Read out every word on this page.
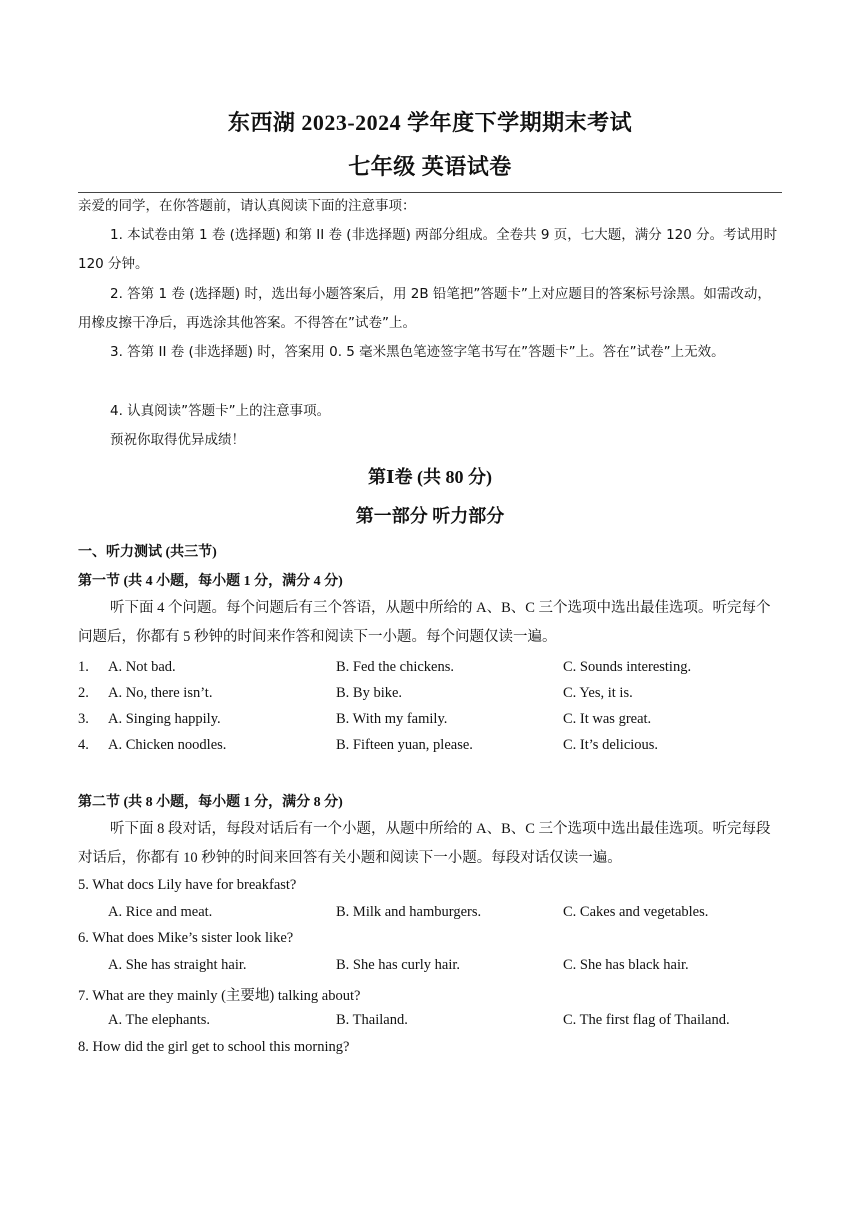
东西湖 2023-2024 学年度下学期期末考试
七年级 英语试卷
亲爱的同学，在你答题前，请认真阅读下面的注意事项：
1. 本试卷由第 1 卷 (选择题) 和第 II 卷 (非选择题) 两部分组成。全卷共 9 页，七大题，满分 120 分。考试用时 120 分钟。
2. 答第 1 卷 (选择题) 时，选出每小题答案后，用 2B 铅笔把”答题卡”上对应题目的答案标号涂黑。如需改动，用橡皮擦干净后，再选涂其他答案。不得答在”试卷”上。
3. 答第 II 卷 (非选择题) 时，答案用 0. 5 毫米黑色笔迹签字笔书写在”答题卡”上。答在”试卷”上无效。
4. 认真阅读”答题卡”上的注意事项。
预祝你取得优异成绩！
第Ⅰ卷 (共 80 分)
第一部分 听力部分
一、听力测试 (共三节)
第一节 (共 4 小题，每小题 1 分，满分 4 分)
听下面 4 个问题。每个问题后有三个答语，从题中所给的 A、B、C 三个选项中选出最佳选项。听完每个问题后，你都有 5 秒钟的时间来作答和阅读下一小题。每个问题仅读一遍。
1. A. Not bad.	B. Fed the chickens.	C. Sounds interesting.
2. A. No, there isn’t.	B. By bike.	C. Yes, it is.
3. A. Singing happily.	B. With my family.	C. It was great.
4. A. Chicken noodles.	B. Fifteen yuan, please.	C. It’s delicious.
第二节 (共 8 小题，每小题 1 分，满分 8 分)
听下面 8 段对话，每段对话后有一个小题，从题中所给的 A、B、C 三个选项中选出最佳选项。听完每段对话后，你都有 10 秒钟的时间来回答有关小题和阅读下一小题。每段对话仅读一遍。
5. What docs Lily have for breakfast?
A. Rice and meat.	B. Milk and hamburgers.	C. Cakes and vegetables.
6. What does Mike’s sister look like?
A. She has straight hair.	B. She has curly hair.	C. She has black hair.
7. What are they mainly (主要地) talking about?
A. The elephants.	B. Thailand.	C. The first flag of Thailand.
8. How did the girl get to school this morning?
